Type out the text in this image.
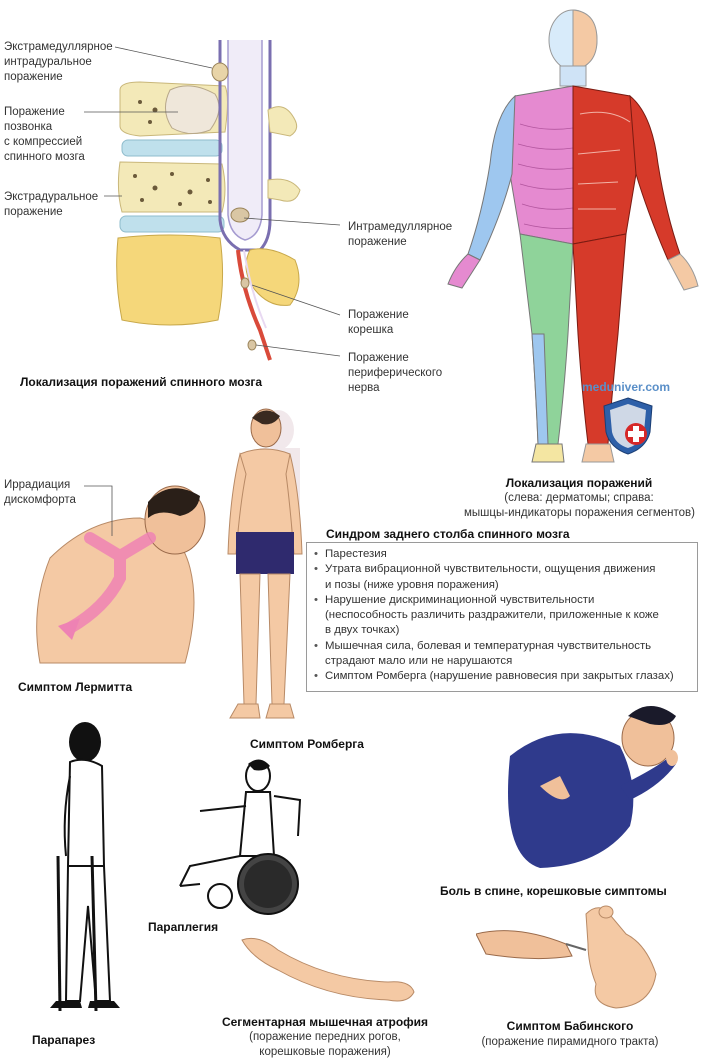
Экстрамедуллярное
интрадуральное
поражение
Поражение
позвонка
с компрессией
спинного мозга
Экстрадуральное
поражение
Интрамедуллярное
поражение
Поражение
корешка
Поражение
периферического
нерва
Локализация поражений спинного мозга	meduniver.com
Локализация поражений
(слева: дерматомы; справа:
мышцы-индикаторы поражения сегментов)
Синдром заднего столба спинного мозга
• Парестезия
• Утрата вибрационной чувствительности, ощущения движения
и позы (ниже уровня поражения)
• Нарушение дискриминационной чувствительности
(неспособность различить раздражители, приложенные к коже
в двух точках)
• Мышечная сила, болевая и температурная чувствительность
страдают мало или не нарушаются
• Симптом Ромберга (нарушение равновесия при закрытых глазах)
Иррадиация
дискомфорта
Симптом Лермитта
Симптом Ромберга
Парапарез
Параплегия
Сегментарная мышечная атрофия
(поражение передних рогов,
корешковые поражения)
Боль в спине, корешковые симптомы
Симптом Бабинского
(поражение пирамидного тракта)
